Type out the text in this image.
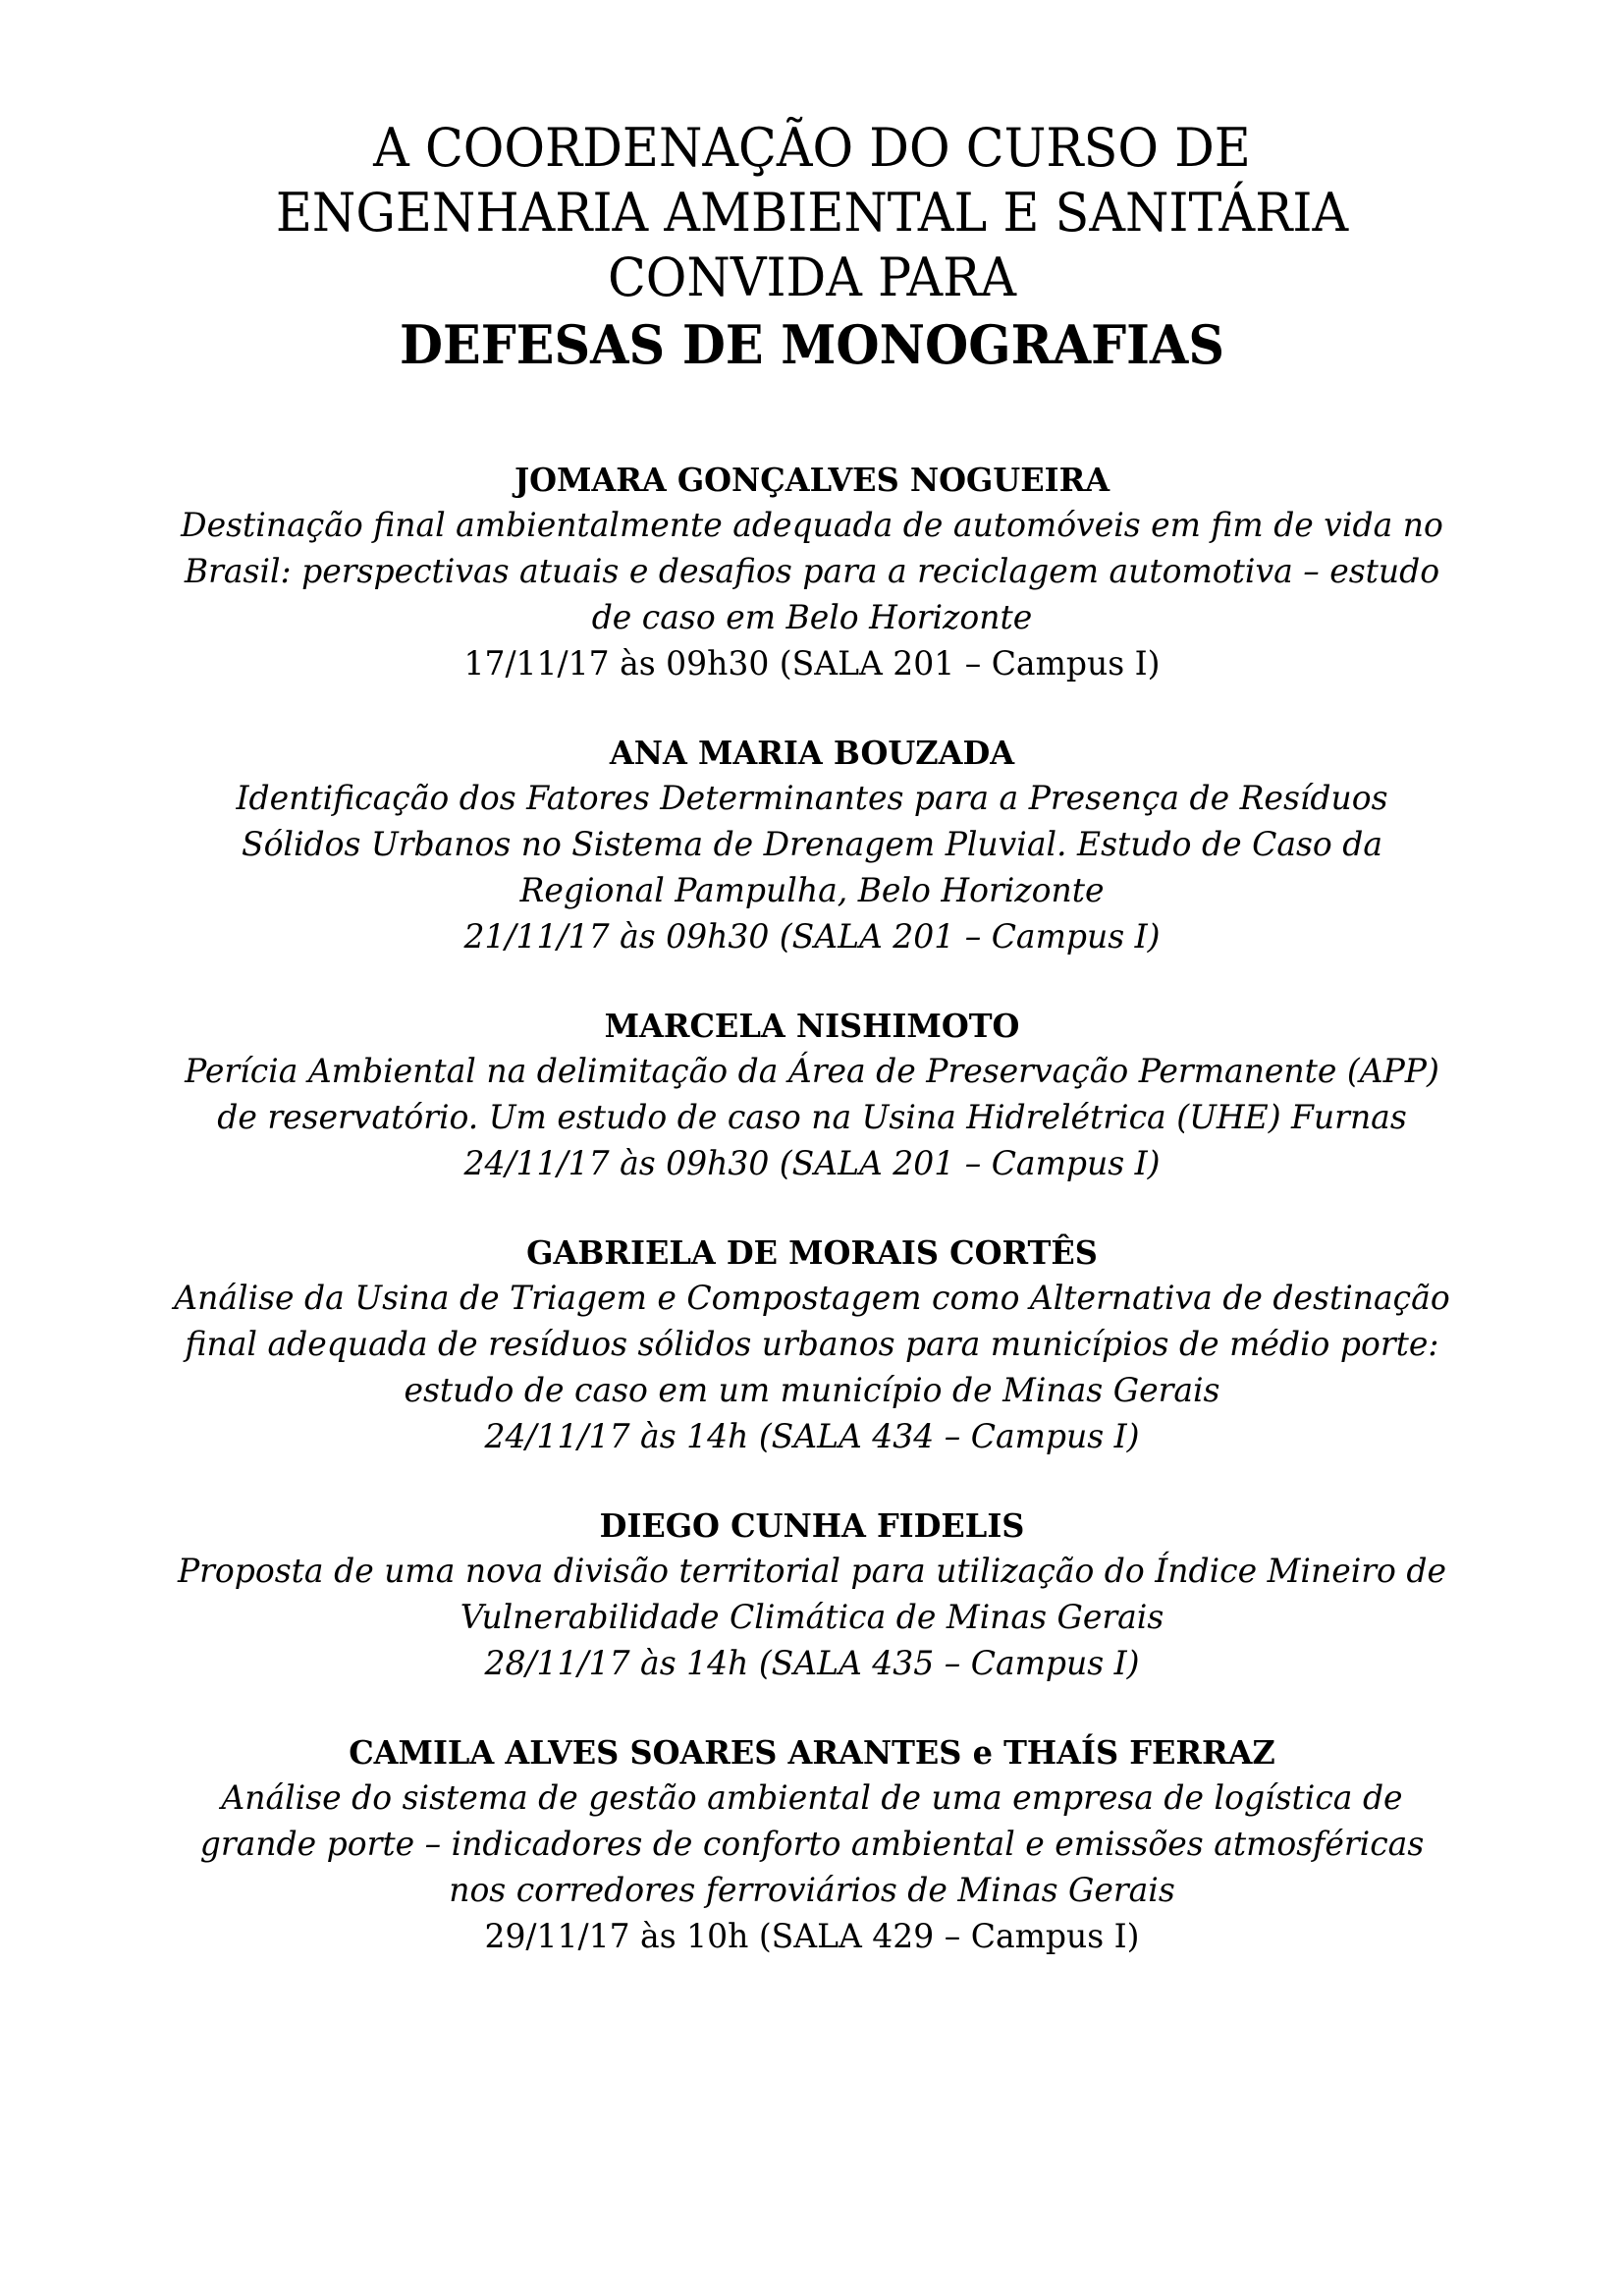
A COORDENAÇÃO DO CURSO DE
ENGENHARIA AMBIENTAL E SANITÁRIA
CONVIDA PARA
DEFESAS DE MONOGRAFIAS
JOMARA GONÇALVES NOGUEIRA
Destinação final ambientalmente adequada de automóveis em fim de vida no
Brasil: perspectivas atuais e desafios para a reciclagem automotiva – estudo
de caso em Belo Horizonte
17/11/17 às 09h30 (SALA 201 – Campus I)
ANA MARIA BOUZADA
Identificação dos Fatores Determinantes para a Presença de Resíduos
Sólidos Urbanos no Sistema de Drenagem Pluvial. Estudo de Caso da
Regional Pampulha, Belo Horizonte
21/11/17 às 09h30 (SALA 201 – Campus I)
MARCELA NISHIMOTO
Perícia Ambiental na delimitação da Área de Preservação Permanente (APP)
de reservatório. Um estudo de caso na Usina Hidrelétrica (UHE) Furnas
24/11/17 às 09h30 (SALA 201 – Campus I)
GABRIELA DE MORAIS CORTÊS
Análise da Usina de Triagem e Compostagem como Alternativa de destinação
final adequada de resíduos sólidos urbanos para municípios de médio porte:
estudo de caso em um município de Minas Gerais
24/11/17 às 14h (SALA 434 – Campus I)
DIEGO CUNHA FIDELIS
Proposta de uma nova divisão territorial para utilização do Índice Mineiro de
Vulnerabilidade Climática de Minas Gerais
28/11/17 às 14h (SALA 435 – Campus I)
CAMILA ALVES SOARES ARANTES e THAÍS FERRAZ
Análise do sistema de gestão ambiental de uma empresa de logística de
grande porte – indicadores de conforto ambiental e emissões atmosféricas
nos corredores ferroviários de Minas Gerais
29/11/17 às 10h (SALA 429 – Campus I)
